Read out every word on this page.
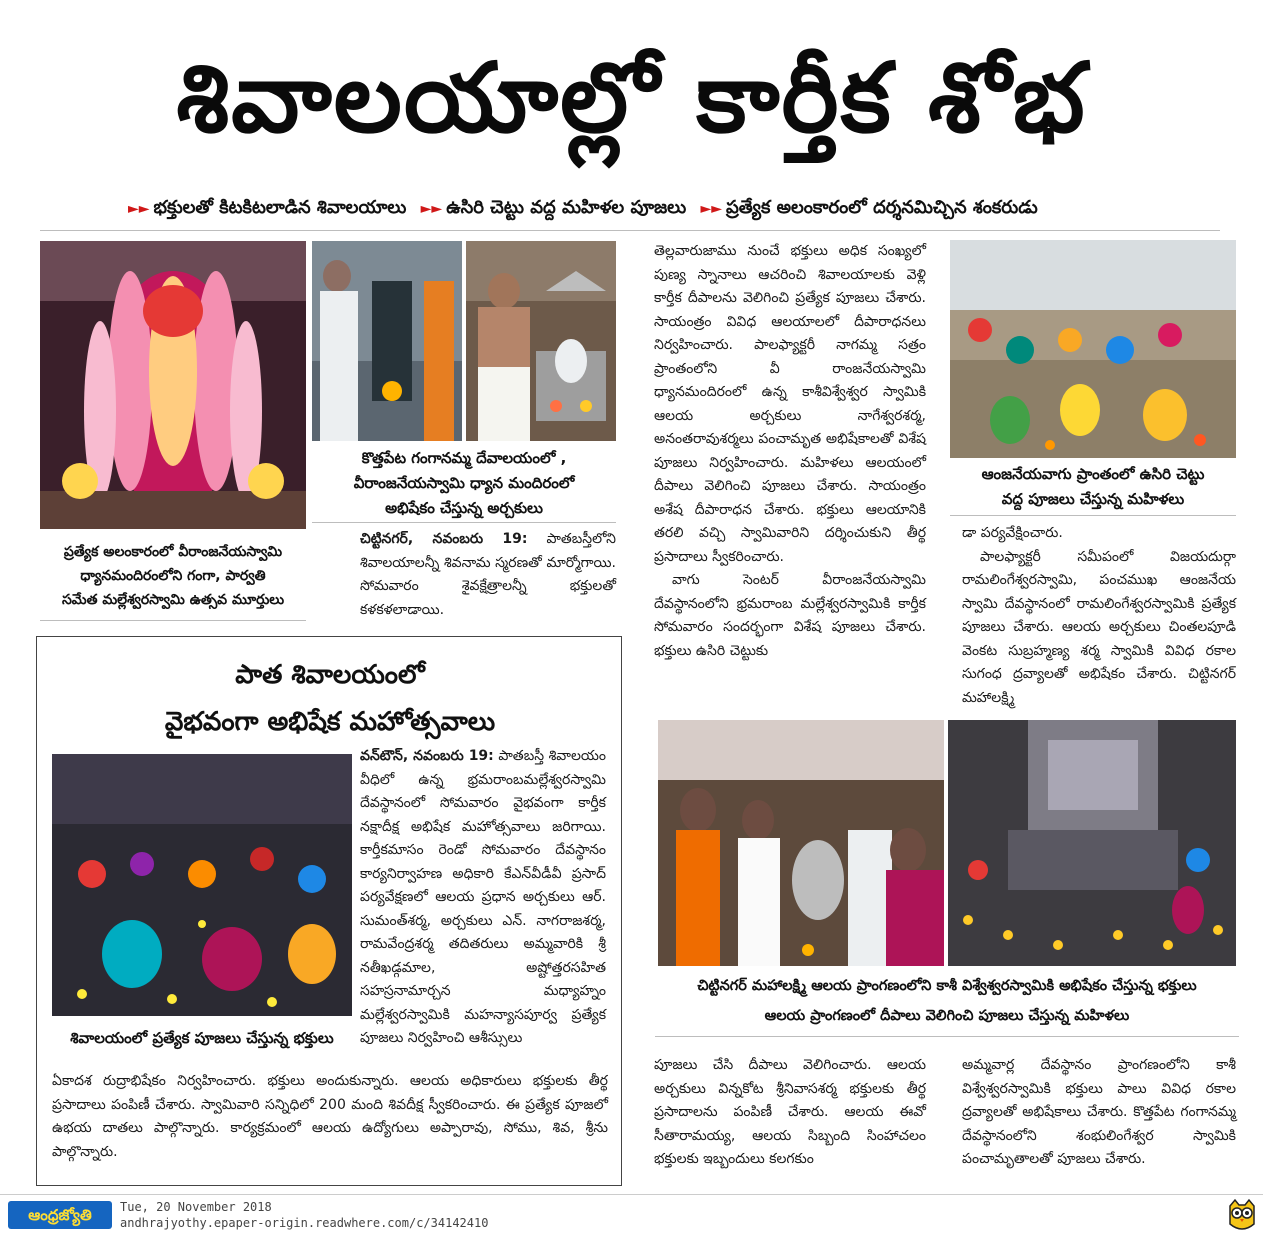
శివాలయాల్లో కార్తీక శోభ
►► భక్తులతో కిటకిటలాడిన శివాలయాలు ►► ఉసిరి చెట్టు వద్ద మహిళల పూజలు ►► ప్రత్యేక అలంకారంలో దర్శనమిచ్చిన శంకరుడు
కొత్తపేట గంగానమ్మ దేవాలయంలో ,
వీరాంజనేయస్వామి ధ్యాన మందిరంలో
అభిషేకం చేస్తున్న అర్చకులు
ఆంజనేయవాగు ప్రాంతంలో ఉసిరి చెట్టు
వద్ద పూజలు చేస్తున్న మహిళలు
ప్రత్యేక అలంకారంలో వీరాంజనేయస్వామి
ధ్యానమందిరంలోని గంగా, పార్వతి
సమేత మల్లేశ్వరస్వామి ఉత్సవ మూర్తులు

చిట్టినగర్, నవంబరు 19: పాతబస్తీలోని శివాలయాలన్నీ శివనామ స్మరణతో మార్మోగాయి. సోమవారం శైవక్షేత్రాలన్నీ భక్తులతో కళకళలాడాయి.

తెల్లవారుజాము నుంచే భక్తులు అధిక సంఖ్యలో పుణ్య స్నానాలు ఆచరించి శివాలయాలకు వెళ్లి కార్తీక దీపాలను వెలిగించి ప్రత్యేక పూజలు చేశారు. సాయంత్రం వివిధ ఆలయాలలో దీపారాధనలు నిర్వహించారు. పాలఫ్యాక్టరీ నాగమ్మ సత్రం ప్రాంతంలోని వీ రాంజనేయస్వామి ధ్యానమందిరంలో ఉన్న కాశీవిశ్వేశ్వర స్వామికి ఆలయ అర్చకులు నాగేశ్వరశర్మ, అనంతరావుశర్మలు పంచామృత అభిషేకాలతో విశేష పూజలు నిర్వహించారు. మహిళలు ఆలయంలో దీపాలు వెలిగించి పూజలు చేశారు. సాయంత్రం అశేష దీపారాధన చేశారు. భక్తులు ఆలయానికి తరలి వచ్చి స్వామివారిని దర్శించుకుని తీర్థ ప్రసాదాలు స్వీకరించారు.

వాగు సెంటర్ వీరాంజనేయస్వామి దేవస్థానంలోని భ్రమరాంబ మల్లేశ్వరస్వామికి కార్తీక సోమవారం సందర్భంగా విశేష పూజలు చేశారు. భక్తులు ఉసిరి చెట్టుకు

డా పర్యవేక్షించారు.

పాలఫ్యాక్టరీ సమీపంలో విజయదుర్గా రామలింగేశ్వరస్వామి, పంచముఖ ఆంజనేయ స్వామి దేవస్థానంలో రామలింగేశ్వరస్వామికి ప్రత్యేక పూజలు చేశారు. ఆలయ అర్చకులు చింతలపూడి వెంకట సుబ్రహ్మణ్య శర్మ స్వామికి వివిధ రకాల సుగంధ ద్రవ్యాలతో అభిషేకం చేశారు. చిట్టినగర్ మహాలక్ష్మి

పాత శివాలయంలో
వైభవంగా అభిషేక మహోత్సవాలు
శివాలయంలో ప్రత్యేక పూజలు చేస్తున్న భక్తులు

వన్‌టౌన్, నవంబరు 19: పాతబస్తీ శివాలయం వీధిలో ఉన్న భ్రమరాంబమల్లేశ్వరస్వామి దేవస్థానంలో సోమవారం వైభవంగా కార్తీక నక్షాదీక్ష అభిషేక మహోత్సవాలు జరిగాయి. కార్తీకమాసం రెండో సోమవారం దేవస్థానం కార్యనిర్వాహణ అధికారి కేఎన్‌వీడీవీ ప్రసాద్ పర్యవేక్షణలో ఆలయ ప్రధాన అర్చకులు ఆర్. సుమంత్‌శర్మ, అర్చకులు ఎన్. నాగరాజశర్మ, రామవేంద్రశర్మ తదితరులు అమ్మవారికి శ్రీ నతీఖడ్గమాల, అష్టోత్తరసహిత సహస్రనామార్చన మధ్యాహ్నం మల్లేశ్వరస్వామికి మహన్యాసపూర్వ ప్రత్యేక పూజలు నిర్వహించి ఆశీస్సులు

ఏకాదశ రుద్రాభిషేకం నిర్వహించారు. భక్తులు అందుకున్నారు. ఆలయ అధికారులు భక్తులకు తీర్థ ప్రసాదాలు పంపిణీ చేశారు. స్వామివారి సన్నిధిలో 200 మంది శివదీక్ష స్వీకరించారు. ఈ ప్రత్యేక పూజలో ఉభయ దాతలు పాల్గొన్నారు. కార్యక్రమంలో ఆలయ ఉద్యోగులు అప్పారావు, సోము, శివ, శ్రీను పాల్గొన్నారు.

చిట్టినగర్ మహాలక్ష్మి ఆలయ ప్రాంగణంలోని కాశీ విశ్వేశ్వరస్వామికి అభిషేకం చేస్తున్న భక్తులు
ఆలయ ప్రాంగణంలో దీపాలు వెలిగించి పూజలు చేస్తున్న మహిళలు

పూజలు చేసి దీపాలు వెలిగించారు. ఆలయ అర్చకులు విన్నకోట శ్రీనివాసశర్మ భక్తులకు తీర్థ ప్రసాదాలను పంపిణీ చేశారు. ఆలయ ఈవో సీతారామయ్య, ఆలయ సిబ్బంది సింహాచలం భక్తులకు ఇబ్బందులు కలగకుం

అమ్మవార్ల దేవస్థానం ప్రాంగణంలోని కాశీ విశ్వేశ్వరస్వామికి భక్తులు పాలు వివిధ రకాల ద్రవ్యాలతో అభిషేకాలు చేశారు. కొత్తపేట గంగానమ్మ దేవస్థానంలోని శంభులింగేశ్వర స్వామికి పంచామృతాలతో పూజలు చేశారు.

ఆంధ్రజ్యోతి	Tue, 20 November 2018
andhrajyothy.epaper-origin.readwhere.com/c/34142410
